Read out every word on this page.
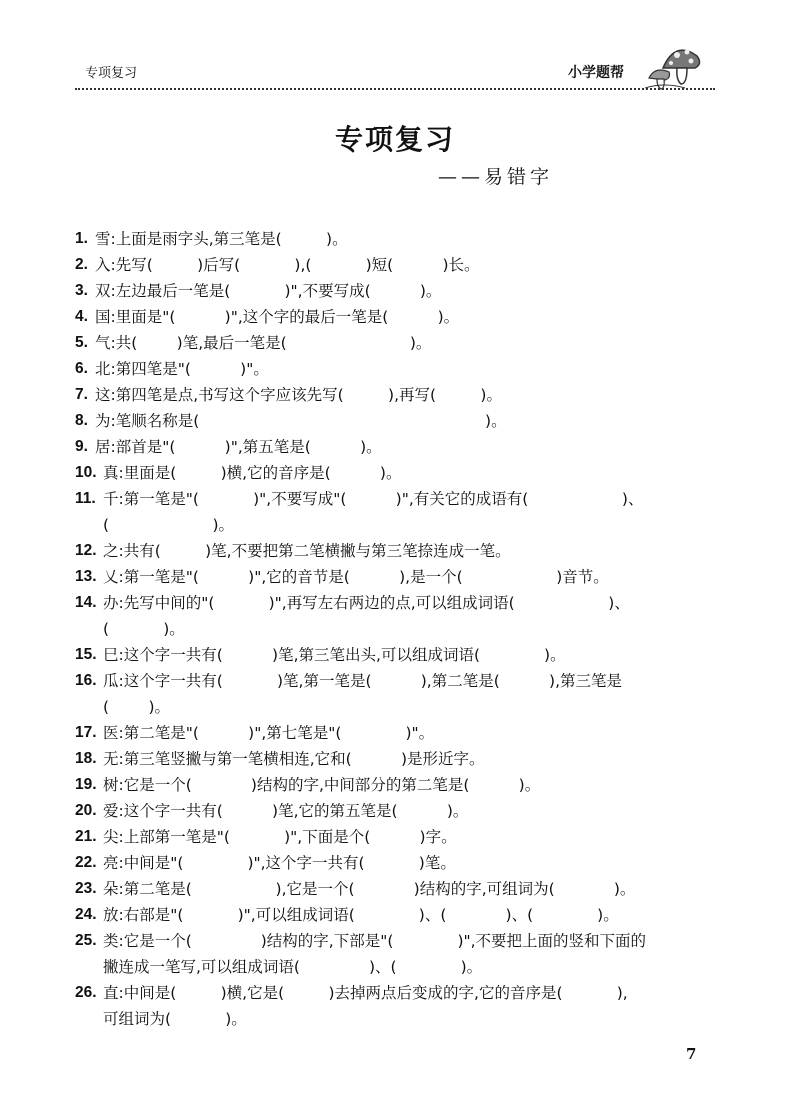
专项复习	小学题帮
专项复习
——易错字
1. 雪:上面是雨字头,第三笔是(         )。
2. 入:先写(         )后写(           ),(           )短(          )长。
3. 双:左边最后一笔是(           )",不要写成(          )。
4. 国:里面是"(          )",这个字的最后一笔是(          )。
5. 气:共(        )笔,最后一笔是(                         )。
6. 北:第四笔是"(          )"。
7. 这:第四笔是点,书写这个字应该先写(         ),再写(         )。
8. 为:笔顺名称是(                                                          )。
9. 居:部首是"(          )",第五笔是(          )。
10. 真:里面是(         )横,它的音序是(          )。
11. 千:第一笔是"(           )",不要写成"(          )",有关它的成语有(                   )、
(                     )。
12. 之:共有(         )笔,不要把第二笔横撇与第三笔捺连成一笔。
13. 乂:第一笔是"(          )",它的音节是(          ),是一个(                   )音节。
14. 办:先写中间的"(           )",再写左右两边的点,可以组成词语(                   )、
(           )。
15. 巳:这个字一共有(          )笔,第三笔出头,可以组成词语(             )。
16. 瓜:这个字一共有(           )笔,第一笔是(          ),第二笔是(          ),第三笔是
(        )。
17. 医:第二笔是"(          )",第七笔是"(             )"。
18. 无:第三笔竖撇与第一笔横相连,它和(          )是形近字。
19. 树:它是一个(            )结构的字,中间部分的第二笔是(          )。
20. 爱:这个字一共有(          )笔,它的第五笔是(          )。
21. 尖:上部第一笔是"(           )",下面是个(          )字。
22. 亮:中间是"(             )",这个字一共有(           )笔。
23. 朵:第二笔是(                 ),它是一个(            )结构的字,可组词为(            )。
24. 放:右部是"(           )",可以组成词语(             )、(            )、(             )。
25. 类:它是一个(              )结构的字,下部是"(             )",不要把上面的竖和下面的
撇连成一笔写,可以组成词语(              )、(             )。
26. 直:中间是(         )横,它是(         )去掉两点后变成的字,它的音序是(           ),
可组词为(           )。
7
